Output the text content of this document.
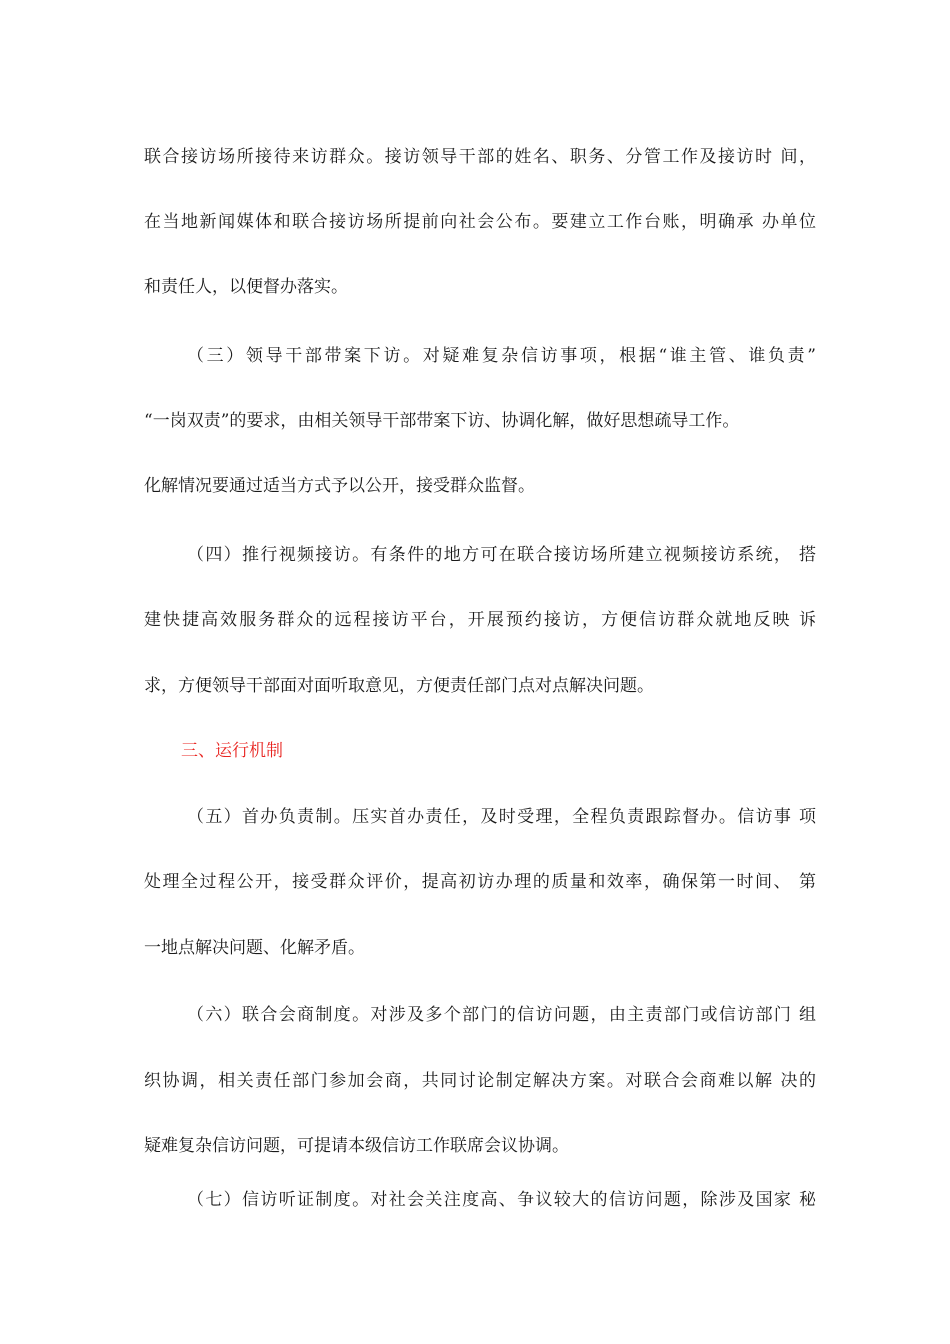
联合接访场所接待来访群众。接访领导干部的姓名、职务、分管工作及接访时 间，
在当地新闻媒体和联合接访场所提前向社会公布。要建立工作台账，明确承 办单位
和责任人，以便督办落实。
（三）领导干部带案下访。对疑难复杂信访事项，根据“谁主管、谁负责”
“一岗双责”的要求，由相关领导干部带案下访、协调化解，做好思想疏导工作。
化解情况要通过适当方式予以公开，接受群众监督。
（四）推行视频接访。有条件的地方可在联合接访场所建立视频接访系统， 搭
建快捷高效服务群众的远程接访平台，开展预约接访，方便信访群众就地反映 诉
求，方便领导干部面对面听取意见，方便责任部门点对点解决问题。
三、运行机制
（五）首办负责制。压实首办责任，及时受理，全程负责跟踪督办。信访事 项
处理全过程公开，接受群众评价，提高初访办理的质量和效率，确保第一时间、 第
一地点解决问题、化解矛盾。
（六）联合会商制度。对涉及多个部门的信访问题，由主责部门或信访部门 组
织协调，相关责任部门参加会商，共同讨论制定解决方案。对联合会商难以解 决的
疑难复杂信访问题，可提请本级信访工作联席会议协调。
（七）信访听证制度。对社会关注度高、争议较大的信访问题，除涉及国家 秘
